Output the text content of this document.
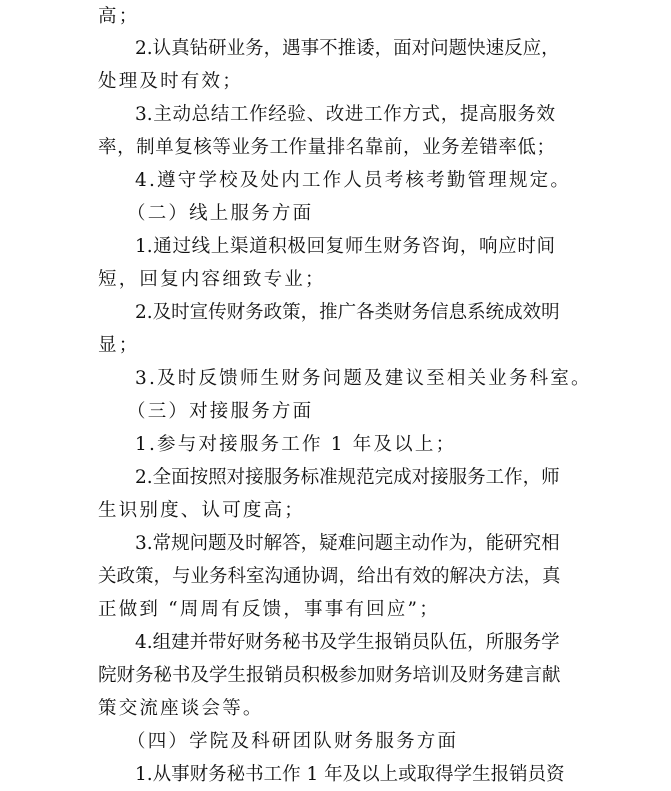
高；
2.认真钻研业务，遇事不推诿，面对问题快速反应，
处理及时有效；
3.主动总结工作经验、改进工作方式，提高服务效
率，制单复核等业务工作量排名靠前，业务差错率低；
4.遵守学校及处内工作人员考核考勤管理规定。
（二）线上服务方面
1.通过线上渠道积极回复师生财务咨询，响应时间
短，回复内容细致专业；
2.及时宣传财务政策，推广各类财务信息系统成效明
显；
3.及时反馈师生财务问题及建议至相关业务科室。
（三）对接服务方面
1.参与对接服务工作 1 年及以上；
2.全面按照对接服务标准规范完成对接服务工作，师
生识别度、认可度高；
3.常规问题及时解答，疑难问题主动作为，能研究相
关政策，与业务科室沟通协调，给出有效的解决方法，真
正做到 “周周有反馈，事事有回应”；
4.组建并带好财务秘书及学生报销员队伍，所服务学
院财务秘书及学生报销员积极参加财务培训及财务建言献
策交流座谈会等。
（四）学院及科研团队财务服务方面
1.从事财务秘书工作 1 年及以上或取得学生报销员资
